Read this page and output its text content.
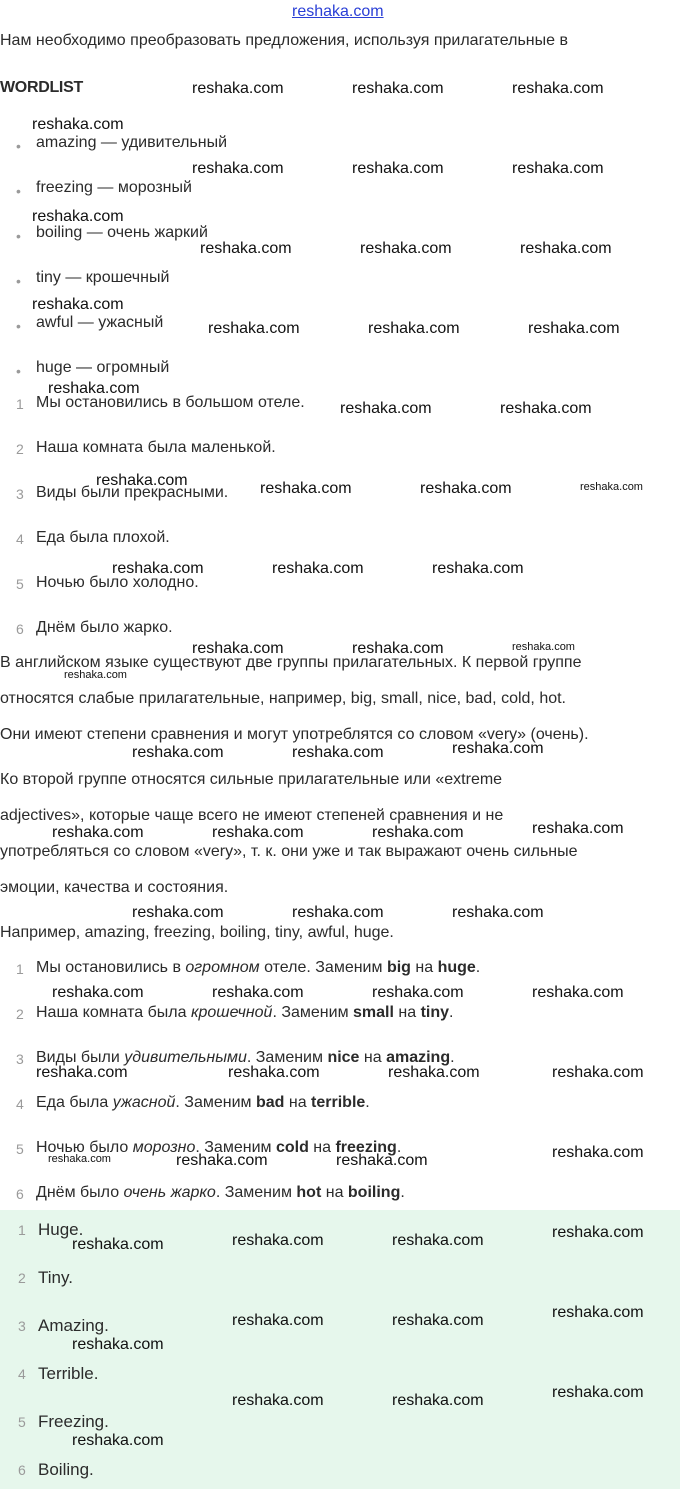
reshaka.com
Нам необходимо преобразовать предложения, используя прилагательные в
WORDLIST
• amazing — удивительный
• freezing — морозный
• boiling — очень жаркий
• tiny — крошечный
• awful — ужасный
• huge — огромный
1 Мы остановились в большом отеле.
2 Наша комната была маленькой.
3 Виды были прекрасными.
4 Еда была плохой.
5 Ночью было холодно.
6 Днём было жарко.
В английском языке существуют две группы прилагательных. К первой группе
относятся слабые прилагательные, например, big, small, nice, bad, cold, hot.
Они имеют степени сравнения и могут употреблятся со словом «very» (очень).
Ко второй группе относятся сильные прилагательные или «extreme
adjectives», которые чаще всего не имеют степеней сравнения и не
употребляться со словом «very», т. к. они уже и так выражают очень сильные
эмоции, качества и состояния.
Например, amazing, freezing, boiling, tiny, awful, huge.
1 Мы остановились в огромном отеле. Заменим big на huge.
2 Наша комната была крошечной. Заменим small на tiny.
3 Виды были удивительными. Заменим nice на amazing.
4 Еда была ужасной. Заменим bad на terrible.
5 Ночью было морозно. Заменим cold на freezing.
6 Днём было очень жарко. Заменим hot на boiling.
1 Huge.
2 Tiny.
3 Amazing.
4 Terrible.
5 Freezing.
6 Boiling.
reshaka.com	reshaka.com	reshaka.com
reshaka.com
reshaka.com	reshaka.com	reshaka.com
reshaka.com
reshaka.com	reshaka.com	reshaka.com
reshaka.com
reshaka.com	reshaka.com	reshaka.com
reshaka.com
reshaka.com	reshaka.com
reshaka.com	reshaka.com	reshaka.com	reshaka.com
reshaka.com	reshaka.com	reshaka.com
reshaka.com	reshaka.com	reshaka.com
reshaka.com
reshaka.com	reshaka.com	reshaka.com
reshaka.com	reshaka.com	reshaka.com	reshaka.com
reshaka.com	reshaka.com	reshaka.com
reshaka.com	reshaka.com	reshaka.com	reshaka.com
reshaka.com	reshaka.com	reshaka.com	reshaka.com
reshaka.com	reshaka.com	reshaka.com	reshaka.com
reshaka.com	reshaka.com	reshaka.com	reshaka.com
reshaka.com	reshaka.com	reshaka.com
reshaka.com
reshaka.com	reshaka.com	reshaka.com
reshaka.com
